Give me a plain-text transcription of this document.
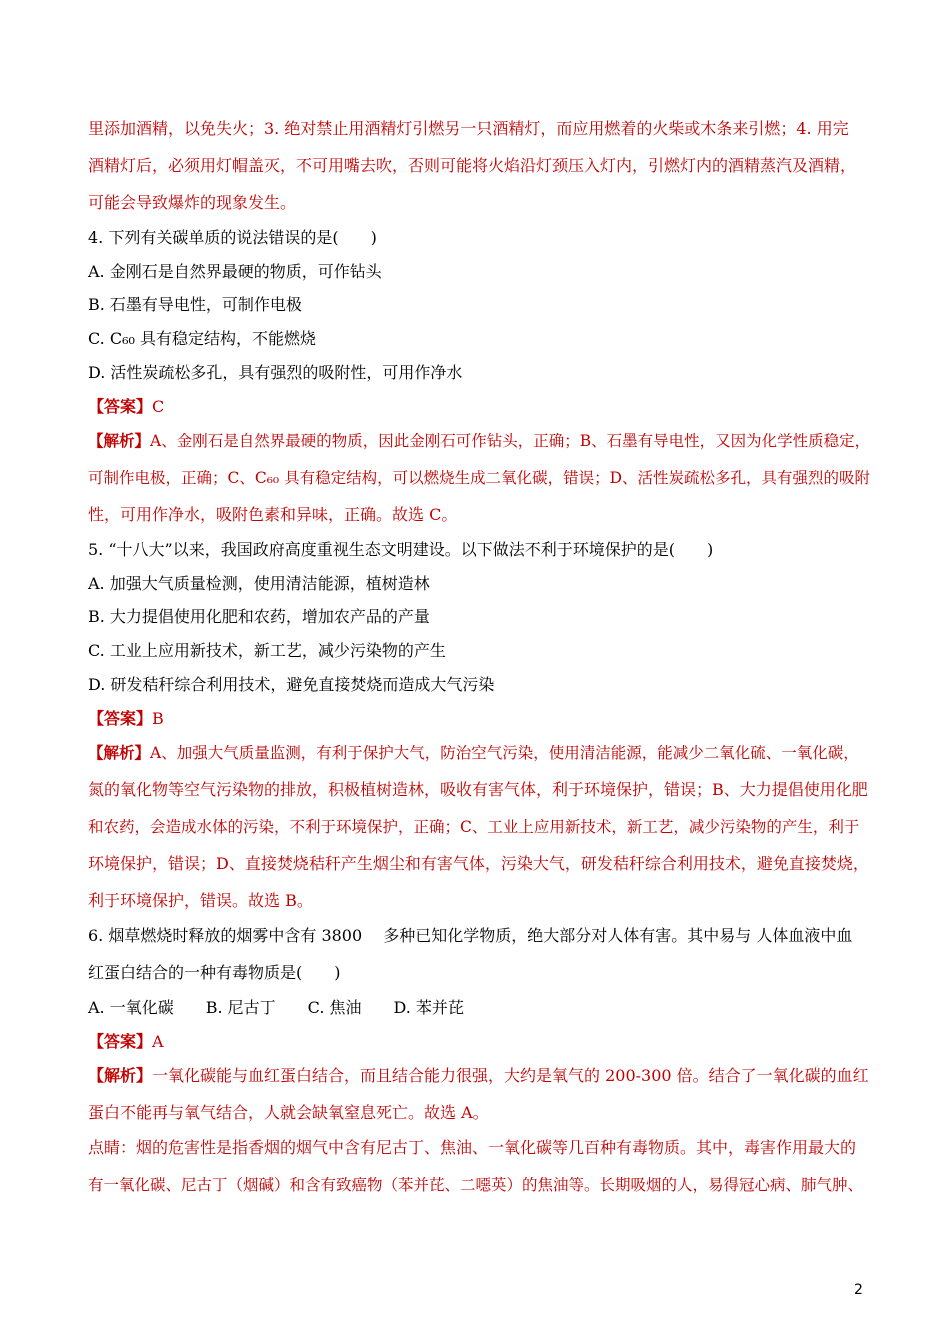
里添加酒精，以免失火；3. 绝对禁止用酒精灯引燃另一只酒精灯，而应用燃着的火柴或木条来引燃；4. 用完
酒精灯后，必须用灯帽盖灭，不可用嘴去吹，否则可能将火焰沿灯颈压入灯内，引燃灯内的酒精蒸汽及酒精，
可能会导致爆炸的现象发生。
4. 下列有关碳单质的说法错误的是(　　)
A. 金刚石是自然界最硬的物质，可作钻头
B. 石墨有导电性，可制作电极
C. C₆₀ 具有稳定结构，不能燃烧
D. 活性炭疏松多孔，具有强烈的吸附性，可用作净水
【答案】C
【解析】A、金刚石是自然界最硬的物质，因此金刚石可作钻头，正确；B、石墨有导电性，又因为化学性质稳定，
可制作电极，正确；C、C₆₀ 具有稳定结构，可以燃烧生成二氧化碳，错误；D、活性炭疏松多孔，具有强烈的吸附
性，可用作净水，吸附色素和异味，正确。故选 C。
5. “十八大”以来，我国政府高度重视生态文明建设。以下做法不利于环境保护的是(　　)
A. 加强大气质量检测，使用清洁能源，植树造林
B. 大力提倡使用化肥和农药，增加农产品的产量
C. 工业上应用新技术，新工艺，减少污染物的产生
D. 研发秸秆综合利用技术，避免直接焚烧而造成大气污染
【答案】B
【解析】A、加强大气质量监测，有利于保护大气，防治空气污染，使用清洁能源，能减少二氧化硫、一氧化碳，
氮的氧化物等空气污染物的排放，积极植树造林，吸收有害气体，利于环境保护，错误；B、大力提倡使用化肥
和农药，会造成水体的污染，不利于环境保护，正确；C、工业上应用新技术，新工艺，减少污染物的产生，利于
环境保护，错误；D、直接焚烧秸秆产生烟尘和有害气体，污染大气，研发秸秆综合利用技术，避免直接焚烧，
利于环境保护，错误。故选 B。
6. 烟草燃烧时释放的烟雾中含有 3800　 多种已知化学物质，绝大部分对人体有害。其中易与 人体血液中血
红蛋白结合的一种有毒物质是(　　)
A. 一氧化碳　　B. 尼古丁　　C. 焦油　　D. 苯并芘
【答案】A
【解析】一氧化碳能与血红蛋白结合，而且结合能力很强，大约是氧气的 200-300 倍。结合了一氧化碳的血红
蛋白不能再与氧气结合，人就会缺氧窒息死亡。故选 A。
点睛：烟的危害性是指香烟的烟气中含有尼古丁、焦油、一氧化碳等几百种有毒物质。其中，毒害作用最大的
有一氧化碳、尼古丁（烟碱）和含有致癌物（苯并芘、二噁英）的焦油等。长期吸烟的人，易得冠心病、肺气肿、
2
